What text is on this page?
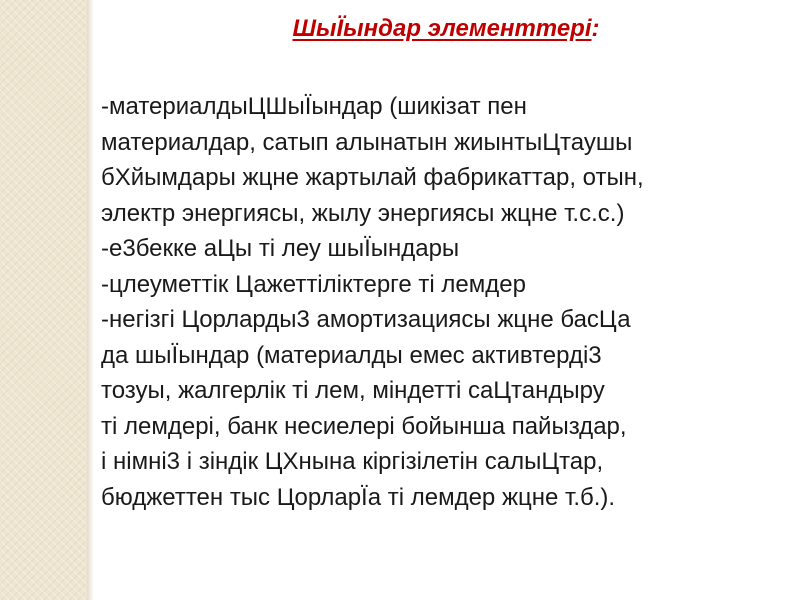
ШыЇындар элементтері:
-материалдыЦШыЇындар (шикізат пен
материалдар, сатып алынатын жиынтыЦтаушы
бХйымдары жцне жартылай фабрикаттар, отын,
электр энергиясы, жылу энергиясы жцне т.с.с.)
-е3бекке аЦы ті леу шыЇындары
-цлеуметтік Цажеттіліктерге ті лемдер
-негізгі Цорларды3 амортизациясы жцне басЦа
да шыЇындар (материалды емес активтерді3
тозуы, жалгерлік ті лем, міндетті саЦтандыру
ті лемдері, банк несиелері бойынша пайыздар,
і німні3 і зіндік ЦХнына кіргізілетін салыЦтар,
бюджеттен тыс ЦорларЇа ті лемдер жцне т.б.).
